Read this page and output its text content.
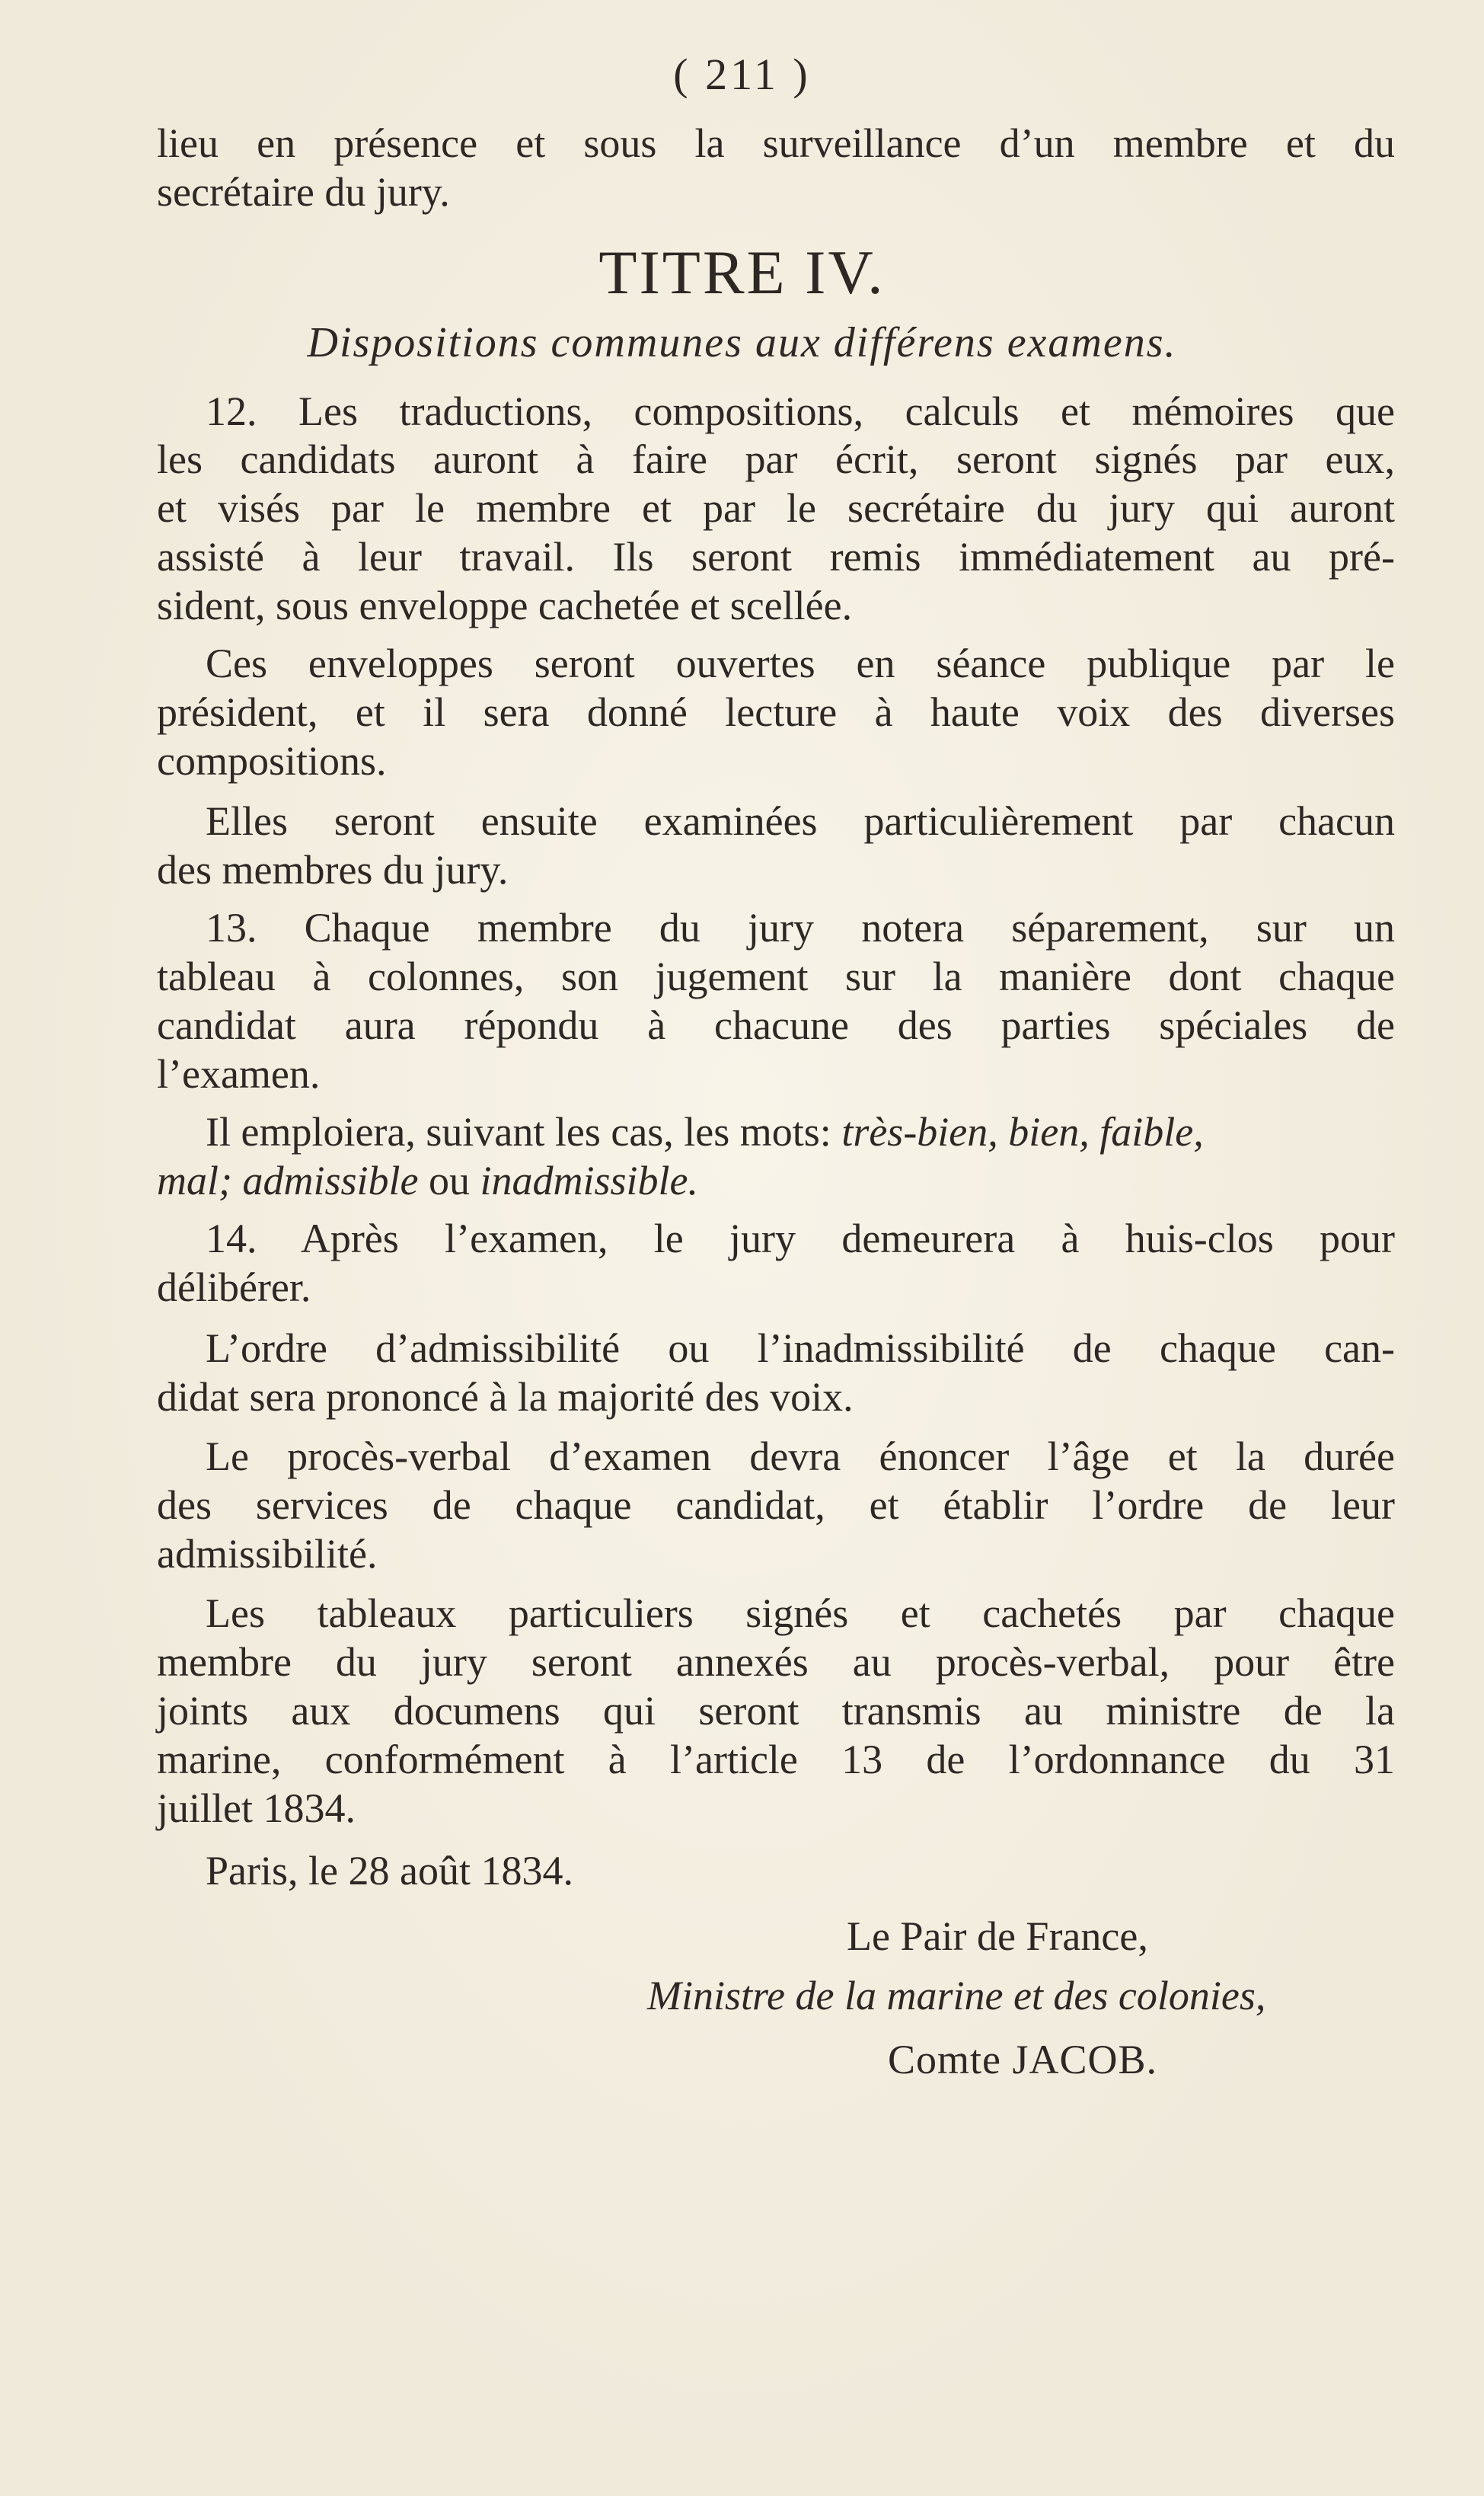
( 211 )
lieu en présence et sous la surveillance d’un membre et du
secrétaire du jury.
TITRE IV.
Dispositions communes aux différens examens.
12. Les traductions, compositions, calculs et mémoires que
les candidats auront à faire par écrit, seront signés par eux,
et visés par le membre et par le secrétaire du jury qui auront
assisté à leur travail. Ils seront remis immédiatement au pré-
sident, sous enveloppe cachetée et scellée.
Ces enveloppes seront ouvertes en séance publique par le
président, et il sera donné lecture à haute voix des diverses
compositions.
Elles seront ensuite examinées particulièrement par chacun
des membres du jury.
13. Chaque membre du jury notera séparement, sur un
tableau à colonnes, son jugement sur la manière dont chaque
candidat aura répondu à chacune des parties spéciales de
l’examen.
Il emploiera, suivant les cas, les mots: très-bien, bien, faible,
mal; admissible ou inadmissible.
14. Après l’examen, le jury demeurera à huis-clos pour
délibérer.
L’ordre d’admissibilité ou l’inadmissibilité de chaque can-
didat sera prononcé à la majorité des voix.
Le procès-verbal d’examen devra énoncer l’âge et la durée
des services de chaque candidat, et établir l’ordre de leur
admissibilité.
Les tableaux particuliers signés et cachetés par chaque
membre du jury seront annexés au procès-verbal, pour être
joints aux documens qui seront transmis au ministre de la
marine, conformément à l’article 13 de l’ordonnance du 31
juillet 1834.
Paris, le 28 août 1834.
Le Pair de France,
Ministre de la marine et des colonies,
Comte JACOB.
